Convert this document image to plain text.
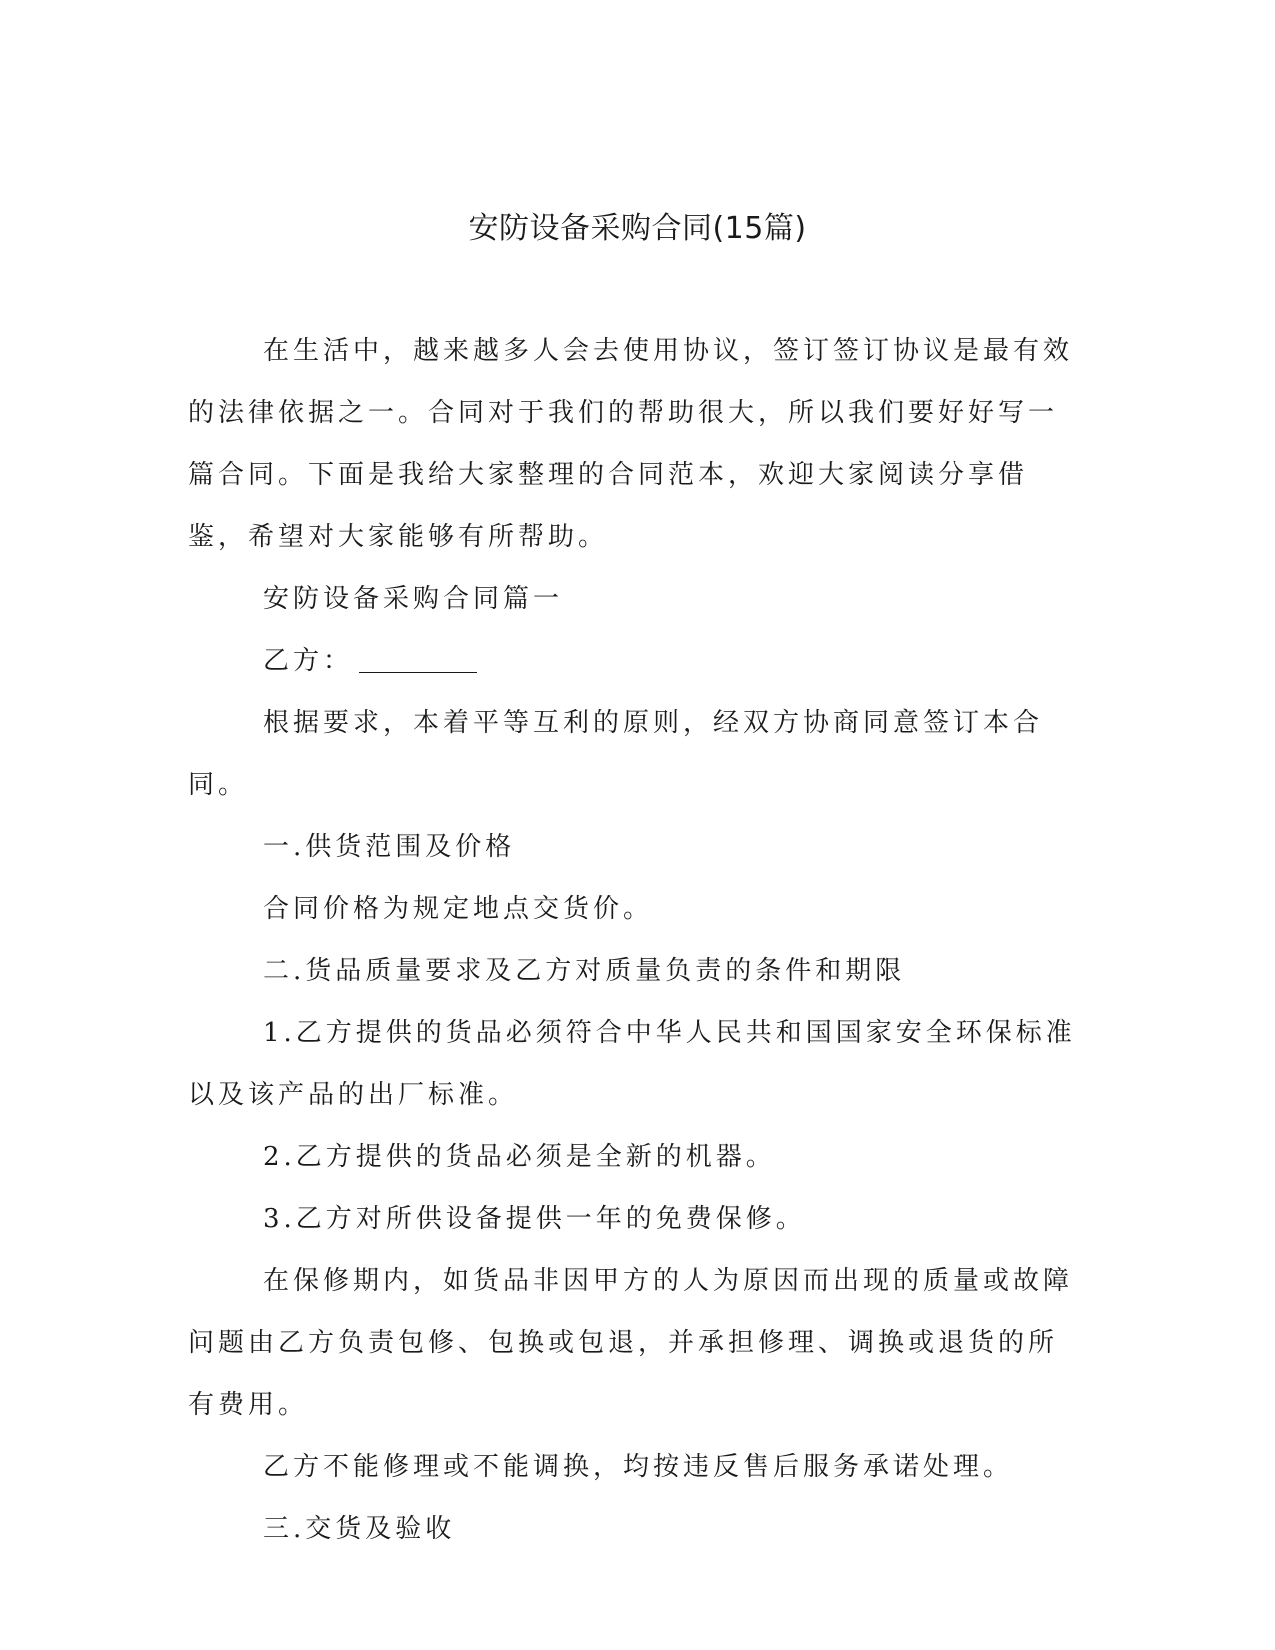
安防设备采购合同(15篇)

在生活中，越来越多人会去使用协议，签订签订协议是最有效的法律依据之一。合同对于我们的帮助很大，所以我们要好好写一篇合同。下面是我给大家整理的合同范本，欢迎大家阅读分享借鉴，希望对大家能够有所帮助。

安防设备采购合同篇一

乙方：

根据要求，本着平等互利的原则，经双方协商同意签订本合同。

一.供货范围及价格

合同价格为规定地点交货价。

二.货品质量要求及乙方对质量负责的条件和期限

1.乙方提供的货品必须符合中华人民共和国国家安全环保标准以及该产品的出厂标准。

2.乙方提供的货品必须是全新的机器。

3.乙方对所供设备提供一年的免费保修。

在保修期内，如货品非因甲方的人为原因而出现的质量或故障问题由乙方负责包修、包换或包退，并承担修理、调换或退货的所有费用。

乙方不能修理或不能调换，均按违反售后服务承诺处理。

三.交货及验收
